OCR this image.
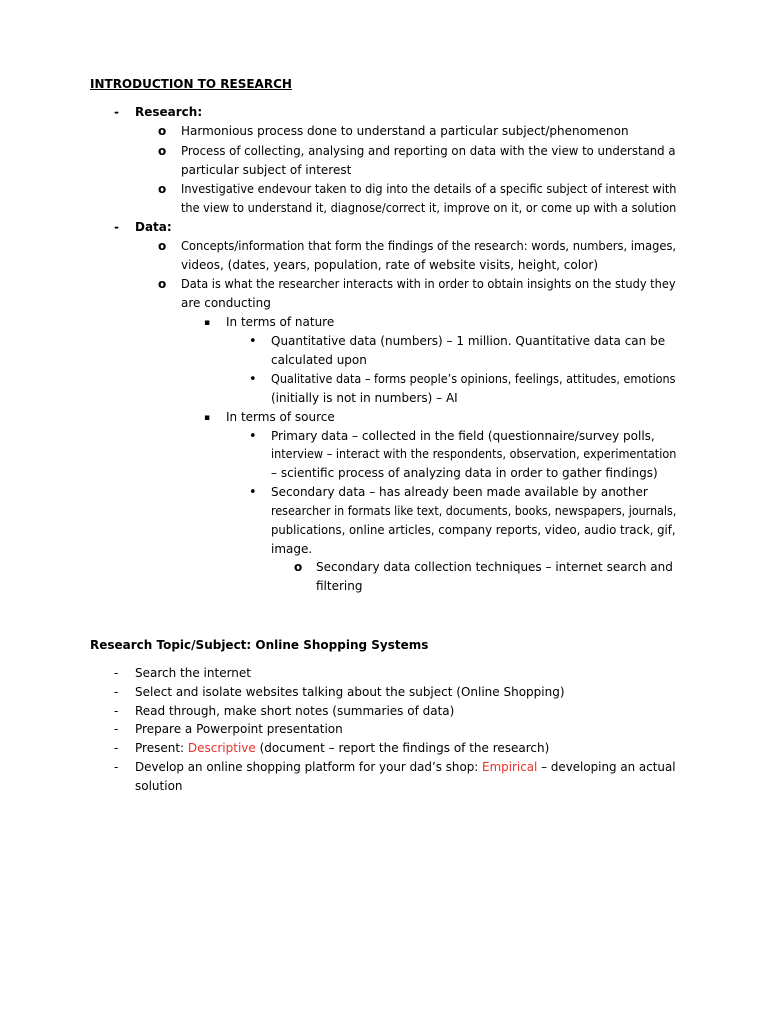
INTRODUCTION TO RESEARCH
- Research:
o Harmonious process done to understand a particular subject/phenomenon
o Process of collecting, analysing and reporting on data with the view to understand a
particular subject of interest
o Investigative endevour taken to dig into the details of a specific subject of interest with
the view to understand it, diagnose/correct it, improve on it, or come up with a solution
- Data:
o Concepts/information that form the findings of the research: words, numbers, images,
videos, (dates, years, population, rate of website visits, height, color)
o Data is what the researcher interacts with in order to obtain insights on the study they
are conducting
▪ In terms of nature
• Quantitative data (numbers) – 1 million. Quantitative data can be
calculated upon
• Qualitative data – forms people’s opinions, feelings, attitudes, emotions
(initially is not in numbers) – AI
▪ In terms of source
• Primary data – collected in the field (questionnaire/survey polls,
interview – interact with the respondents, observation, experimentation
– scientific process of analyzing data in order to gather findings)
• Secondary data – has already been made available by another
researcher in formats like text, documents, books, newspapers, journals,
publications, online articles, company reports, video, audio track, gif,
image.
o Secondary data collection techniques – internet search and
filtering
Research Topic/Subject: Online Shopping Systems
- Search the internet
- Select and isolate websites talking about the subject (Online Shopping)
- Read through, make short notes (summaries of data)
- Prepare a Powerpoint presentation
- Present: Descriptive (document – report the findings of the research)
- Develop an online shopping platform for your dad’s shop: Empirical – developing an actual
solution
